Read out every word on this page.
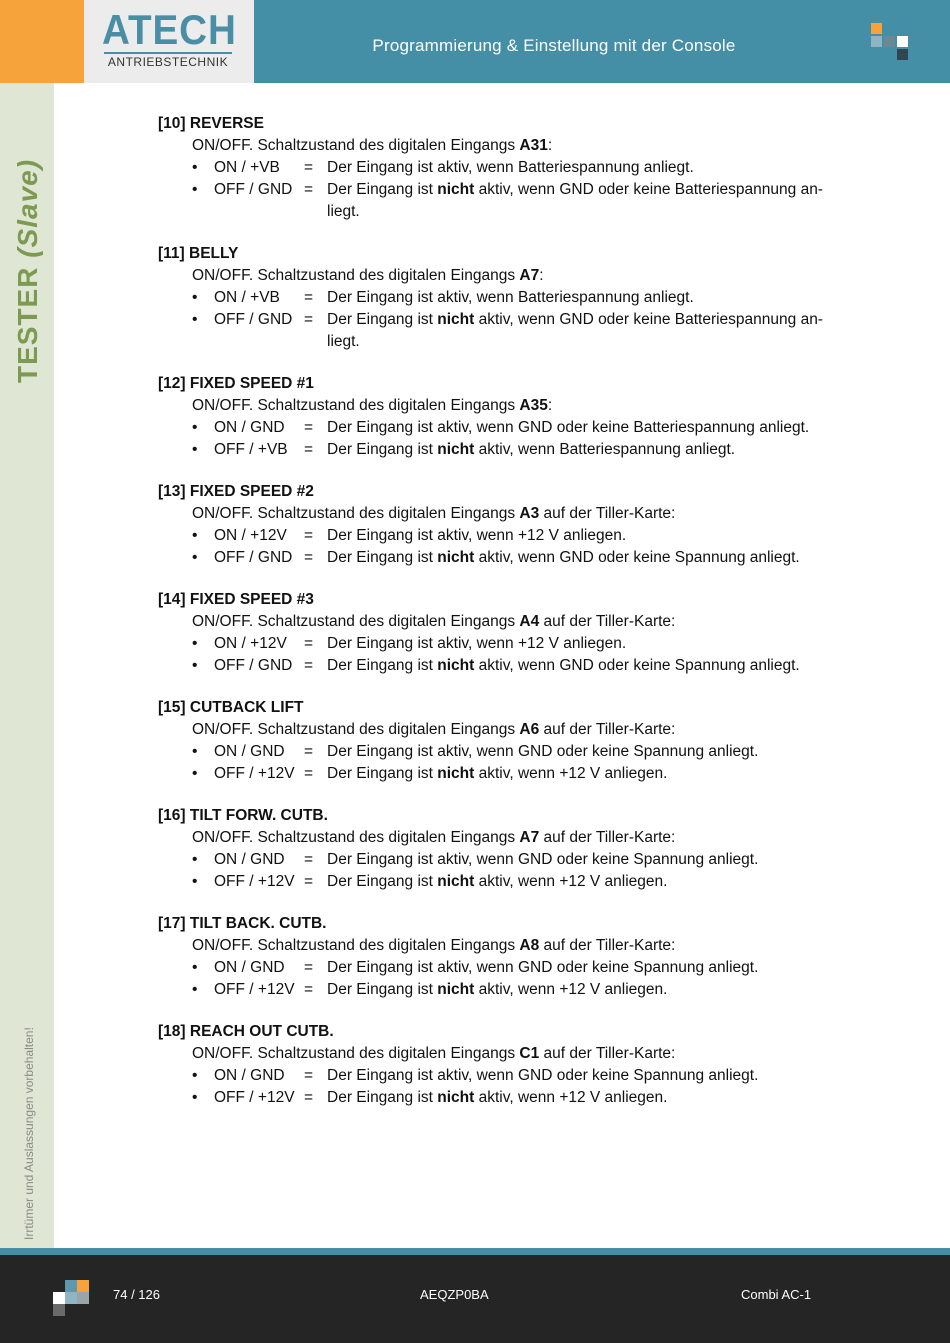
ATECH
ANTRIEBSTECHNIK
Programmierung & Einstellung mit der Console
TESTER (Slave)
Irrtümer und Auslassungen vorbehalten!
[10] REVERSE
ON/OFF. Schaltzustand des digitalen Eingangs A31:
• ON / +VB = Der Eingang ist aktiv, wenn Batteriespannung anliegt.
• OFF / GND = Der Eingang ist nicht aktiv, wenn GND oder keine Batteriespannung an-liegt.
[11] BELLY
ON/OFF. Schaltzustand des digitalen Eingangs A7:
• ON / +VB = Der Eingang ist aktiv, wenn Batteriespannung anliegt.
• OFF / GND = Der Eingang ist nicht aktiv, wenn GND oder keine Batteriespannung an-liegt.
[12] FIXED SPEED #1
ON/OFF. Schaltzustand des digitalen Eingangs A35:
• ON / GND = Der Eingang ist aktiv, wenn GND oder keine Batteriespannung anliegt.
• OFF / +VB = Der Eingang ist nicht aktiv, wenn Batteriespannung anliegt.
[13] FIXED SPEED #2
ON/OFF. Schaltzustand des digitalen Eingangs A3 auf der Tiller-Karte:
• ON / +12V = Der Eingang ist aktiv, wenn +12 V anliegen.
• OFF / GND = Der Eingang ist nicht aktiv, wenn GND oder keine Spannung anliegt.
[14] FIXED SPEED #3
ON/OFF. Schaltzustand des digitalen Eingangs A4 auf der Tiller-Karte:
• ON / +12V = Der Eingang ist aktiv, wenn +12 V anliegen.
• OFF / GND = Der Eingang ist nicht aktiv, wenn GND oder keine Spannung anliegt.
[15] CUTBACK LIFT
ON/OFF. Schaltzustand des digitalen Eingangs A6 auf der Tiller-Karte:
• ON / GND = Der Eingang ist aktiv, wenn GND oder keine Spannung anliegt.
• OFF / +12V = Der Eingang ist nicht aktiv, wenn +12 V anliegen.
[16] TILT FORW. CUTB.
ON/OFF. Schaltzustand des digitalen Eingangs A7 auf der Tiller-Karte:
• ON / GND = Der Eingang ist aktiv, wenn GND oder keine Spannung anliegt.
• OFF / +12V = Der Eingang ist nicht aktiv, wenn +12 V anliegen.
[17] TILT BACK. CUTB.
ON/OFF. Schaltzustand des digitalen Eingangs A8 auf der Tiller-Karte:
• ON / GND = Der Eingang ist aktiv, wenn GND oder keine Spannung anliegt.
• OFF / +12V = Der Eingang ist nicht aktiv, wenn +12 V anliegen.
[18] REACH OUT CUTB.
ON/OFF. Schaltzustand des digitalen Eingangs C1 auf der Tiller-Karte:
• ON / GND = Der Eingang ist aktiv, wenn GND oder keine Spannung anliegt.
• OFF / +12V = Der Eingang ist nicht aktiv, wenn +12 V anliegen.
74 / 126	AEQZP0BA	Combi AC-1
